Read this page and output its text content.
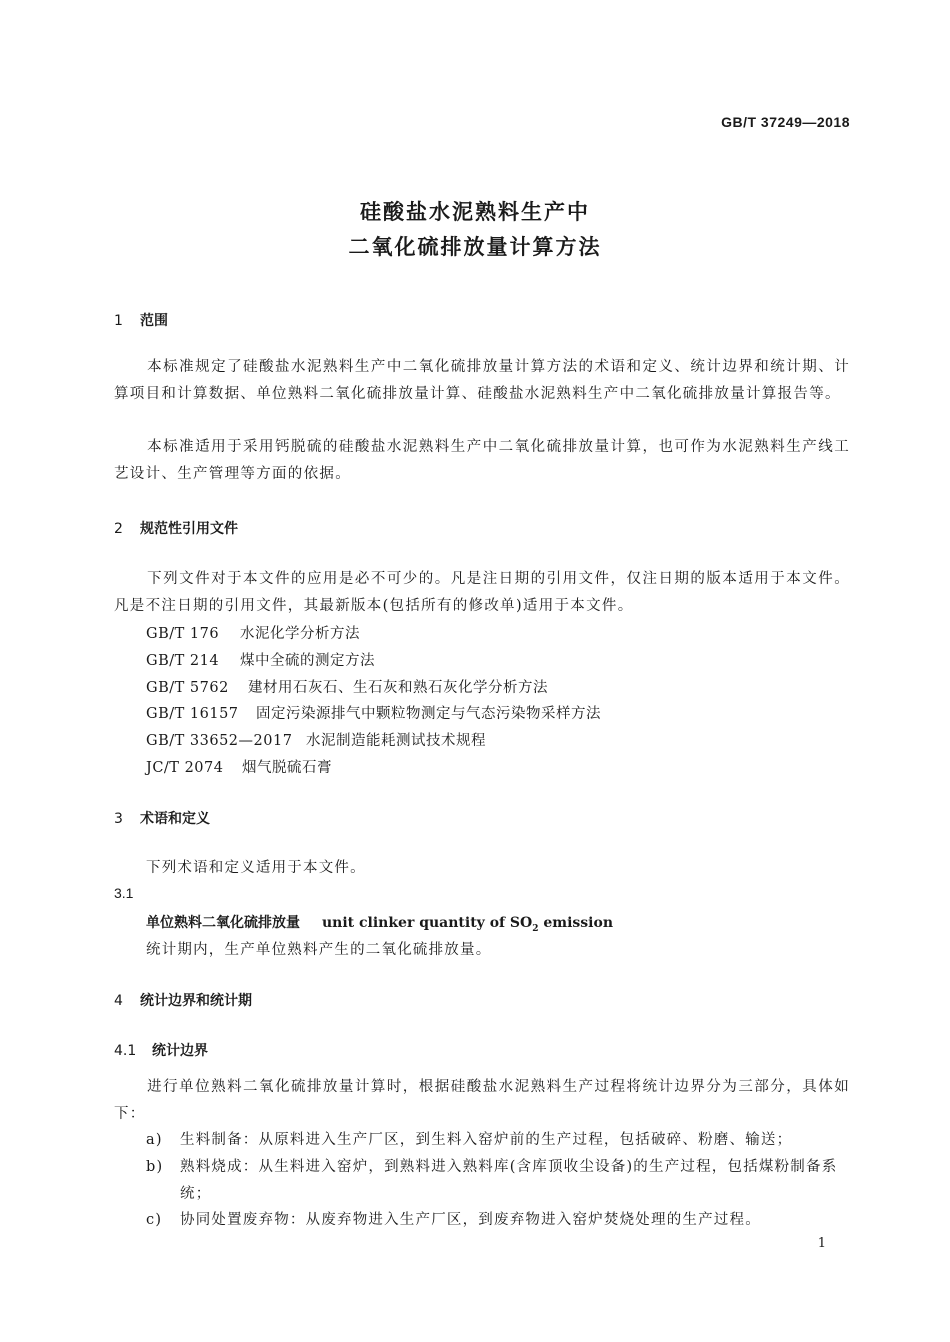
GB/T 37249—2018
硅酸盐水泥熟料生产中
二氧化硫排放量计算方法
1 范围
本标准规定了硅酸盐水泥熟料生产中二氧化硫排放量计算方法的术语和定义、统计边界和统计期、计算项目和计算数据、单位熟料二氧化硫排放量计算、硅酸盐水泥熟料生产中二氧化硫排放量计算报告等。
本标准适用于采用钙脱硫的硅酸盐水泥熟料生产中二氧化硫排放量计算，也可作为水泥熟料生产线工艺设计、生产管理等方面的依据。
2 规范性引用文件
下列文件对于本文件的应用是必不可少的。凡是注日期的引用文件，仅注日期的版本适用于本文件。凡是不注日期的引用文件，其最新版本(包括所有的修改单)适用于本文件。
GB/T 176 水泥化学分析方法
GB/T 214 煤中全硫的测定方法
GB/T 5762 建材用石灰石、生石灰和熟石灰化学分析方法
GB/T 16157 固定污染源排气中颗粒物测定与气态污染物采样方法
GB/T 33652—2017 水泥制造能耗测试技术规程
JC/T 2074 烟气脱硫石膏
3 术语和定义
下列术语和定义适用于本文件。
3.1
单位熟料二氧化硫排放量 unit clinker quantity of $SO_2$ emission
统计期内，生产单位熟料产生的二氧化硫排放量。
4 统计边界和统计期
4.1 统计边界
进行单位熟料二氧化硫排放量计算时，根据硅酸盐水泥熟料生产过程将统计边界分为三部分，具体如下：
a) 生料制备：从原料进入生产厂区，到生料入窑炉前的生产过程，包括破碎、粉磨、输送；
b) 熟料烧成：从生料进入窑炉，到熟料进入熟料库(含库顶收尘设备)的生产过程，包括煤粉制备系统；
c) 协同处置废弃物：从废弃物进入生产厂区，到废弃物进入窑炉焚烧处理的生产过程。
1
